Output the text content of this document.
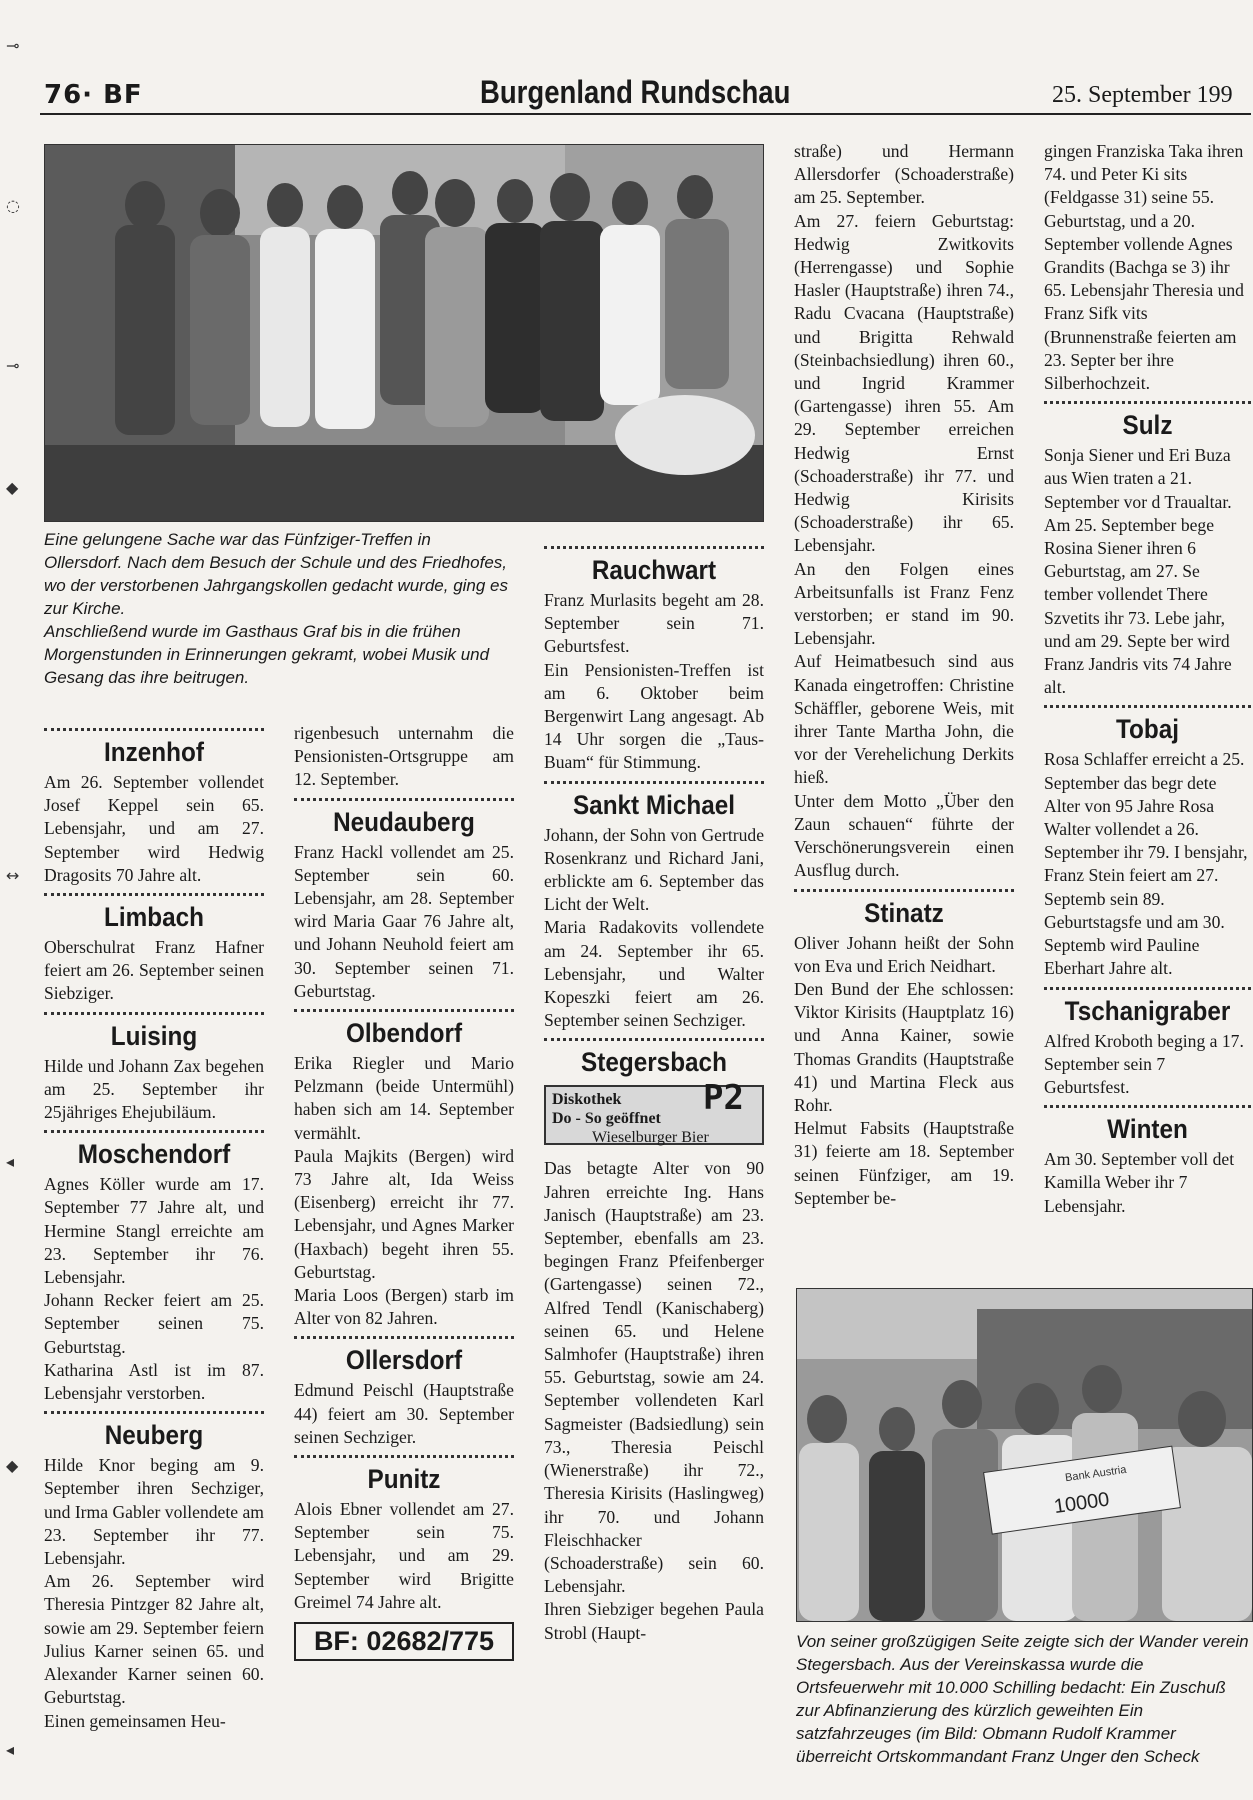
⊸
◌
⊸
◆
↔
◂
◆
◂
76· BF	Burgenland Rundschau	25. September 199
Eine gelungene Sache war das Fünfziger-Treffen in Ollersdorf. Nach dem Besuch der Schule und des Friedhofes, wo der verstorbenen Jahrgangskollen gedacht wurde, ging es zur Kirche.
Anschließend wurde im Gasthaus Graf bis in die frühen Morgenstunden in Erinnerungen gekramt, wobei Musik und Gesang das ihre beitrugen.
Inzenhof

Am 26. September vollendet Josef Keppel sein 65. Lebensjahr, und am 27. September wird Hedwig Dragosits 70 Jahre alt.

Limbach

Oberschulrat Franz Hafner feiert am 26. September seinen Siebziger.

Luising

Hilde und Johann Zax begehen am 25. September ihr 25jähriges Ehejubiläum.

Moschendorf

Agnes Köller wurde am 17. September 77 Jahre alt, und Hermine Stangl erreichte am 23. September ihr 76. Lebensjahr.

Johann Recker feiert am 25. September seinen 75. Geburtstag.

Katharina Astl ist im 87. Lebensjahr verstorben.

Neuberg

Hilde Knor beging am 9. September ihren Sechziger, und Irma Gabler vollendete am 23. September ihr 77. Lebensjahr.

Am 26. September wird Theresia Pintzger 82 Jahre alt, sowie am 29. September feiern Julius Karner seinen 65. und Alexander Karner seinen 60. Geburtstag.

Einen gemeinsamen Heu-

rigenbesuch unternahm die Pensionisten-Ortsgruppe am 12. September.

Neudauberg

Franz Hackl vollendet am 25. September sein 60. Lebensjahr, am 28. September wird Maria Gaar 76 Jahre alt, und Johann Neuhold feiert am 30. September seinen 71. Geburtstag.

Olbendorf

Erika Riegler und Mario Pelzmann (beide Untermühl) haben sich am 14. September vermählt.

Paula Majkits (Bergen) wird 73 Jahre alt, Ida Weiss (Eisenberg) erreicht ihr 77. Lebensjahr, und Agnes Marker (Haxbach) begeht ihren 55. Geburtstag.

Maria Loos (Bergen) starb im Alter von 82 Jahren.

Ollersdorf

Edmund Peischl (Hauptstraße 44) feiert am 30. September seinen Sechziger.

Punitz

Alois Ebner vollendet am 27. September sein 75. Lebensjahr, und am 29. September wird Brigitte Greimel 74 Jahre alt.

BF: 02682/775
Rauchwart

Franz Murlasits begeht am 28. September sein 71. Geburtsfest.

Ein Pensionisten-Treffen ist am 6. Oktober beim Bergenwirt Lang angesagt. Ab 14 Uhr sorgen die „Taus-Buam“ für Stimmung.

Sankt Michael

Johann, der Sohn von Gertrude Rosenkranz und Richard Jani, erblickte am 6. September das Licht der Welt.

Maria Radakovits vollendete am 24. September ihr 65. Lebensjahr, und Walter Kopeszki feiert am 26. September seinen Sechziger.

Stegersbach
Diskothek
Do - So geöffnet
Wieselburger Bier
P2

Das betagte Alter von 90 Jahren erreichte Ing. Hans Janisch (Hauptstraße) am 23. September, ebenfalls am 23. begingen Franz Pfeifenberger (Gartengasse) seinen 72., Alfred Tendl (Kanischaberg) seinen 65. und Helene Salmhofer (Hauptstraße) ihren 55. Geburtstag, sowie am 24. September vollendeten Karl Sagmeister (Badsiedlung) sein 73., Theresia Peischl (Wienerstraße) ihr 72., Theresia Kirisits (Haslingweg) ihr 70. und Johann Fleischhacker (Schoaderstraße) sein 60. Lebensjahr.

Ihren Siebziger begehen Paula Strobl (Haupt-

straße) und Hermann Allersdorfer (Schoaderstraße) am 25. September.

Am 27. feiern Geburtstag: Hedwig Zwitkovits (Herrengasse) und Sophie Hasler (Hauptstraße) ihren 74., Radu Cvacana (Hauptstraße) und Brigitta Rehwald (Steinbachsiedlung) ihren 60., und Ingrid Krammer (Gartengasse) ihren 55. Am 29. September erreichen Hedwig Ernst (Schoaderstraße) ihr 77. und Hedwig Kirisits (Schoaderstraße) ihr 65. Lebensjahr.

An den Folgen eines Arbeitsunfalls ist Franz Fenz verstorben; er stand im 90. Lebensjahr.

Auf Heimatbesuch sind aus Kanada eingetroffen: Christine Schäffler, geborene Weis, mit ihrer Tante Martha John, die vor der Verehelichung Derkits hieß.

Unter dem Motto „Über den Zaun schauen“ führte der Verschönerungsverein einen Ausflug durch.

Stinatz

Oliver Johann heißt der Sohn von Eva und Erich Neidhart.

Den Bund der Ehe schlossen: Viktor Kirisits (Hauptplatz 16) und Anna Kainer, sowie Thomas Grandits (Hauptstraße 41) und Martina Fleck aus Rohr.

Helmut Fabsits (Hauptstraße 31) feierte am 18. September seinen Fünfziger, am 19. September be-

gingen Franziska Taka ihren 74. und Peter Ki sits (Feldgasse 31) seine 55. Geburtstag, und a 20. September vollende Agnes Grandits (Bachga se 3) ihr 65. Lebensjahr Theresia und Franz Sifk vits (Brunnenstraße feierten am 23. Septer ber ihre Silberhochzeit.

Sulz

Sonja Siener und Eri Buza aus Wien traten a 21. September vor d Traualtar.

Am 25. September bege Rosina Siener ihren 6 Geburtstag, am 27. Se tember vollendet There Szvetits ihr 73. Lebe jahr, und am 29. Septe ber wird Franz Jandris vits 74 Jahre alt.

Tobaj

Rosa Schlaffer erreicht a 25. September das begr dete Alter von 95 Jahre Rosa Walter vollendet a 26. September ihr 79. I bensjahr, Franz Stein feiert am 27. Septemb sein 89. Geburtstagsfe und am 30. Septemb wird Pauline Eberhart Jahre alt.

Tschanigraber

Alfred Kroboth beging a 17. September sein 7 Geburtsfest.

Winten

Am 30. September voll det Kamilla Weber ihr 7 Lebensjahr.

Bank Austria
10000
Von seiner großzügigen Seite zeigte sich der Wander verein Stegersbach. Aus der Vereinskassa wurde die Ortsfeuerwehr mit 10.000 Schilling bedacht: Ein Zuschuß zur Abfinanzierung des kürzlich geweihten Ein satzfahrzeuges (im Bild: Obmann Rudolf Krammer überreicht Ortskommandant Franz Unger den Scheck
